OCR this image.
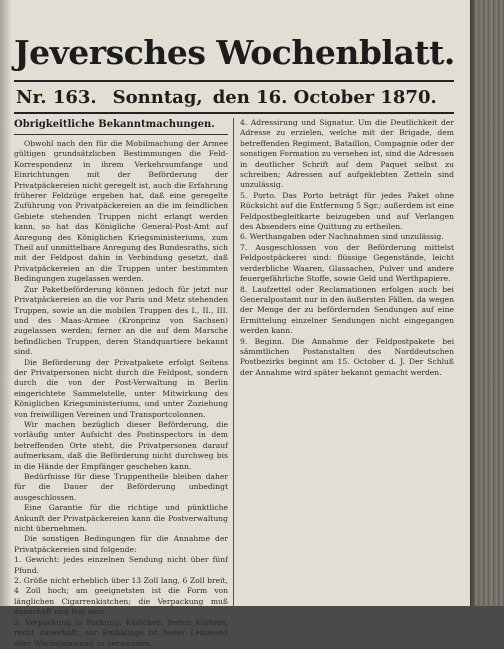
Jeversches Wochenblatt.
Nr. 163. Sonntag, den 16. October 1870.
Obrigkeitliche Bekanntmachungen.

Obwohl nach den für die Mobilmachung der Armee gültigen grundsätzlichen Bestimmungen die Feld-Korrespondenz in ihrem Verkehrsumfange und Einrichtungen mit der Beförderung der Privatpäckereien nicht geregelt ist, auch die Erfahrung früherer Feldzüge ergeben hat, daß eine geregelte Zuführung von Privatpäckereien an die im feindlichen Gebiete stehenden Truppen nicht erlangt werden kann, so hat das Königliche General-Post-Amt auf Anregung des Königlichen Kriegsministeriums, zum Theil auf unmittelbare Anregung des Bundesraths, sich mit der Feldpost dahin in Verbindung gesetzt, daß Privatpäckereien an die Truppen unter bestimmten Bedingungen zugelassen werden.

Zur Paketbeförderung können jedoch für jetzt nur Privatpäckereien an die vor Paris und Metz stehenden Truppen, sowie an die mobilen Truppen des I., II., III. und des Maas-Armee (Kronprinz von Sachsen) zugelassen werden; ferner an die auf dem Marsche befindlichen Truppen, deren Standquartiere bekannt sind.

Die Beförderung der Privatpakete erfolgt Seitens der Privatpersonen nicht durch die Feldpost, sondern durch die von der Post-Verwaltung in Berlin eingerichtete Sammelstelle, unter Mitwirkung des Königlichen Kriegsministeriums, und unter Zuziehung von freiwilligen Vereinen und Transportcolonnen.

Wir machen bezüglich dieser Beförderung, die vorläufig unter Aufsicht des Postinspectors in dem betreffenden Orte steht, die Privatpersonen darauf aufmerksam, daß die Beförderung nicht durchweg bis in die Hände der Empfänger geschehen kann.

Bedürfnisse für diese Truppentheile bleiben daher für die Dauer der Beförderung unbedingt ausgeschlossen.

Eine Garantie für die richtige und pünktliche Ankunft der Privatpäckereien kann die Postverwaltung nicht übernehmen.

Die sonstigen Bedingungen für die Annahme der Privatpäckereien sind folgende:

1. Gewicht: jedes einzelnen Sendung nicht über fünf Pfund.

2. Größe nicht erheblich über 13 Zoll lang, 6 Zoll breit, 4 Zoll hoch; am geeignetsten ist die Form von länglichen Cigarrenkistchen; die Verpackung muß dauerhaft und fest sein.

3. Verpackung in Packung, Kästchen, festen Kartons, recht dauerhaft; zur Emballage ist fester Leinwand oder Wachsleinwand zu verwenden.

4. Adressirung und Signatur. Um die Deutlichkeit der Adresse zu erzielen, welche mit der Brigade, dem betreffenden Regiment, Bataillon, Compagnie oder der sonstigen Formation zu versehen ist, sind die Adressen in deutlicher Schrift auf dem Paquet selbst zu schreiben; Adressen auf aufgeklebten Zetteln sind unzulässig.

5. Porto. Das Porto beträgt für jedes Paket ohne Rücksicht auf die Entfernung 5 Sgr.; außerdem ist eine Feldpostbegleitkarte beizugeben und auf Verlangen des Absenders eine Quittung zu ertheilen.

6. Werthangaben oder Nachnahmen sind unzulässig.

7. Ausgeschlossen von der Beförderung mittelst Feldpostpäckerei sind: flüssige Gegenstände, leicht verderbliche Waaren, Glassachen, Pulver und andere feuergefährliche Stoffe, sowie Geld und Werthpapiere.

8. Laufzettel oder Reclamationen erfolgen auch bei Generalpostamt nur in den äußersten Fällen, da wegen der Menge der zu befördernden Sendungen auf eine Ermittelung einzelner Sendungen nicht eingegangen werden kann.

9. Beginn. Die Annahme der Feldpostpakete bei sämmtlichen Postanstalten des Norddeutschen Postbezirks beginnt am 15. October d. J. Der Schluß der Annahme wird später bekannt gemacht werden.
